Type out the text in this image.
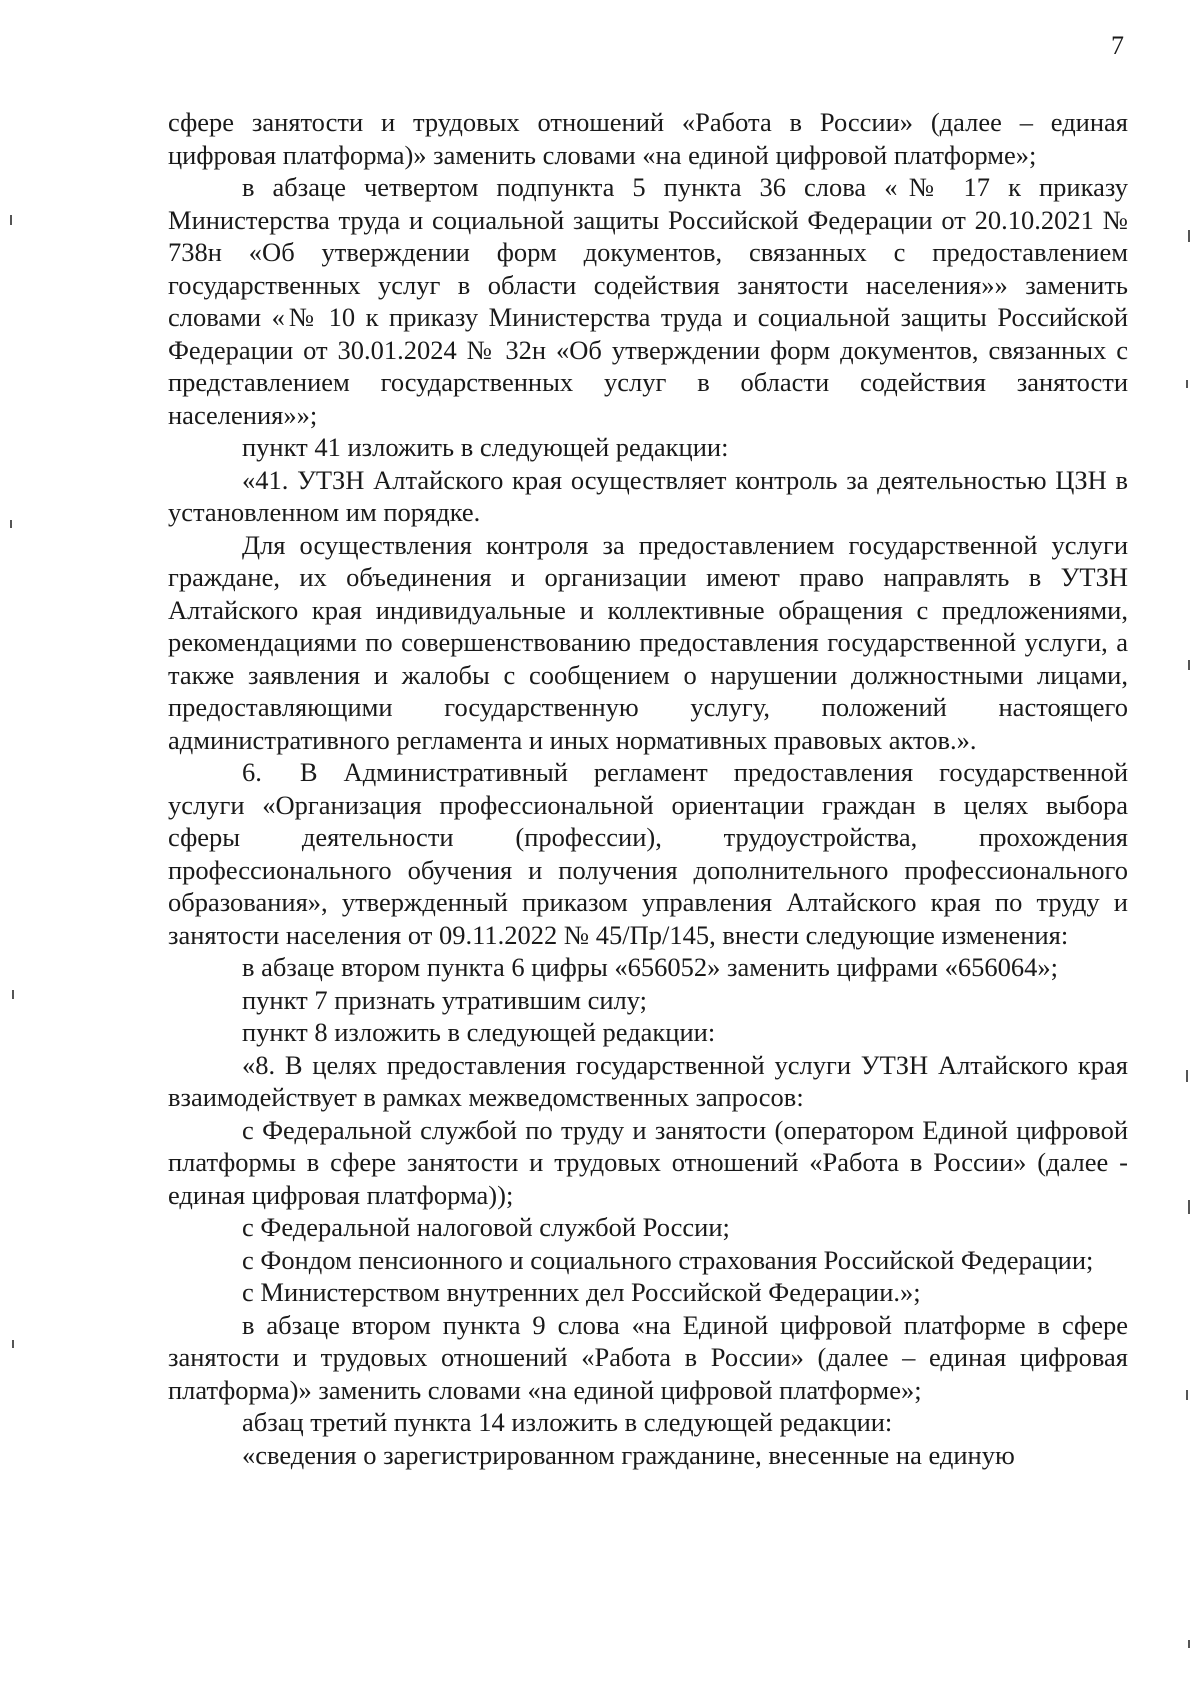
7

сфере занятости и трудовых отношений «Работа в России» (далее – единая цифровая платформа)» заменить словами «на единой цифровой платформе»;

в абзаце четвертом подпункта 5 пункта 36 слова «№ 17 к приказу Министерства труда и социальной защиты Российской Федерации от 20.10.2021 № 738н «Об утверждении форм документов, связанных с предоставлением государственных услуг в области содействия занятости населения»» заменить словами «№ 10 к приказу Министерства труда и социальной защиты Российской Федерации от 30.01.2024 № 32н «Об утверждении форм документов, связанных с представлением государственных услуг в области содействия занятости населения»»;

пункт 41 изложить в следующей редакции:

«41. УТЗН Алтайского края осуществляет контроль за деятельностью ЦЗН в установленном им порядке.

Для осуществления контроля за предоставлением государственной услуги граждане, их объединения и организации имеют право направлять в УТЗН Алтайского края индивидуальные и коллективные обращения с предложениями, рекомендациями по совершенствованию предоставления государственной услуги, а также заявления и жалобы с сообщением о нарушении должностными лицами, предоставляющими государственную услугу, положений настоящего административного регламента и иных нормативных правовых актов.».

6. В Административный регламент предоставления государственной услуги «Организация профессиональной ориентации граждан в целях выбора сферы деятельности (профессии), трудоустройства, прохождения профессионального обучения и получения дополнительного профессионального образования», утвержденный приказом управления Алтайского края по труду и занятости населения от 09.11.2022 № 45/Пр/145, внести следующие изменения:

в абзаце втором пункта 6 цифры «656052» заменить цифрами «656064»;

пункт 7 признать утратившим силу;

пункт 8 изложить в следующей редакции:

«8. В целях предоставления государственной услуги УТЗН Алтайского края взаимодействует в рамках межведомственных запросов:

с Федеральной службой по труду и занятости (оператором Единой цифровой платформы в сфере занятости и трудовых отношений «Работа в России» (далее - единая цифровая платформа));

с Федеральной налоговой службой России;

с Фондом пенсионного и социального страхования Российской Федерации;

с Министерством внутренних дел Российской Федерации.»;

в абзаце втором пункта 9 слова «на Единой цифровой платформе в сфере занятости и трудовых отношений «Работа в России» (далее – единая цифровая платформа)» заменить словами «на единой цифровой платформе»;

абзац третий пункта 14 изложить в следующей редакции:

«сведения о зарегистрированном гражданине, внесенные на единую
